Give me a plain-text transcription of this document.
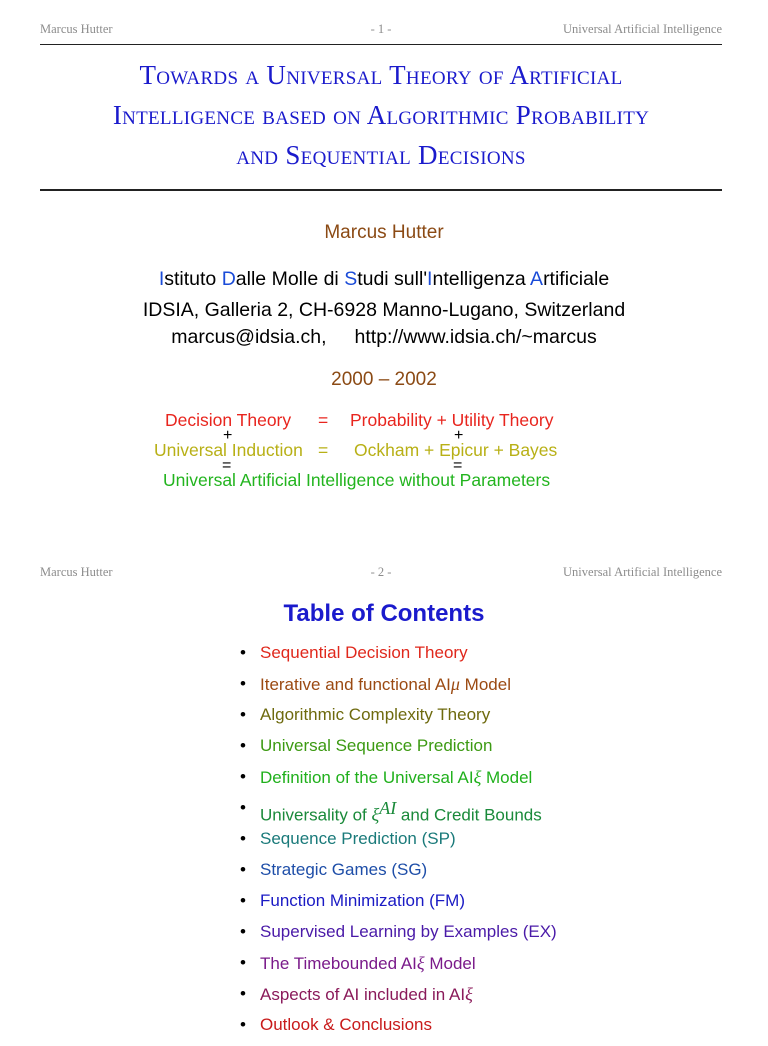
Marcus Hutter	- 1 -	Universal Artificial Intelligence
Towards a Universal Theory of Artificial
Intelligence based on Algorithmic Probability
and Sequential Decisions
Marcus Hutter
Istituto Dalle Molle di Studi sull'Intelligenza Artificiale
IDSIA, Galleria 2, CH-6928 Manno-Lugano, Switzerland
marcus@idsia.ch, http://www.idsia.ch/~marcus
2000 – 2002
Decision Theory = Probability + Utility Theory
+	+
Universal Induction = Ockham + Epicur + Bayes
=	=
Universal Artificial Intelligence without Parameters
Marcus Hutter	- 2 -	Universal Artificial Intelligence
Table of Contents
• Sequential Decision Theory
• Iterative and functional AIμ Model
• Algorithmic Complexity Theory
• Universal Sequence Prediction
• Definition of the Universal AIξ Model
• Universality of $\xi^{AI}$ and Credit Bounds
• Sequence Prediction (SP)
• Strategic Games (SG)
• Function Minimization (FM)
• Supervised Learning by Examples (EX)
• The Timebounded AIξ Model
• Aspects of AI included in AIξ
• Outlook & Conclusions
